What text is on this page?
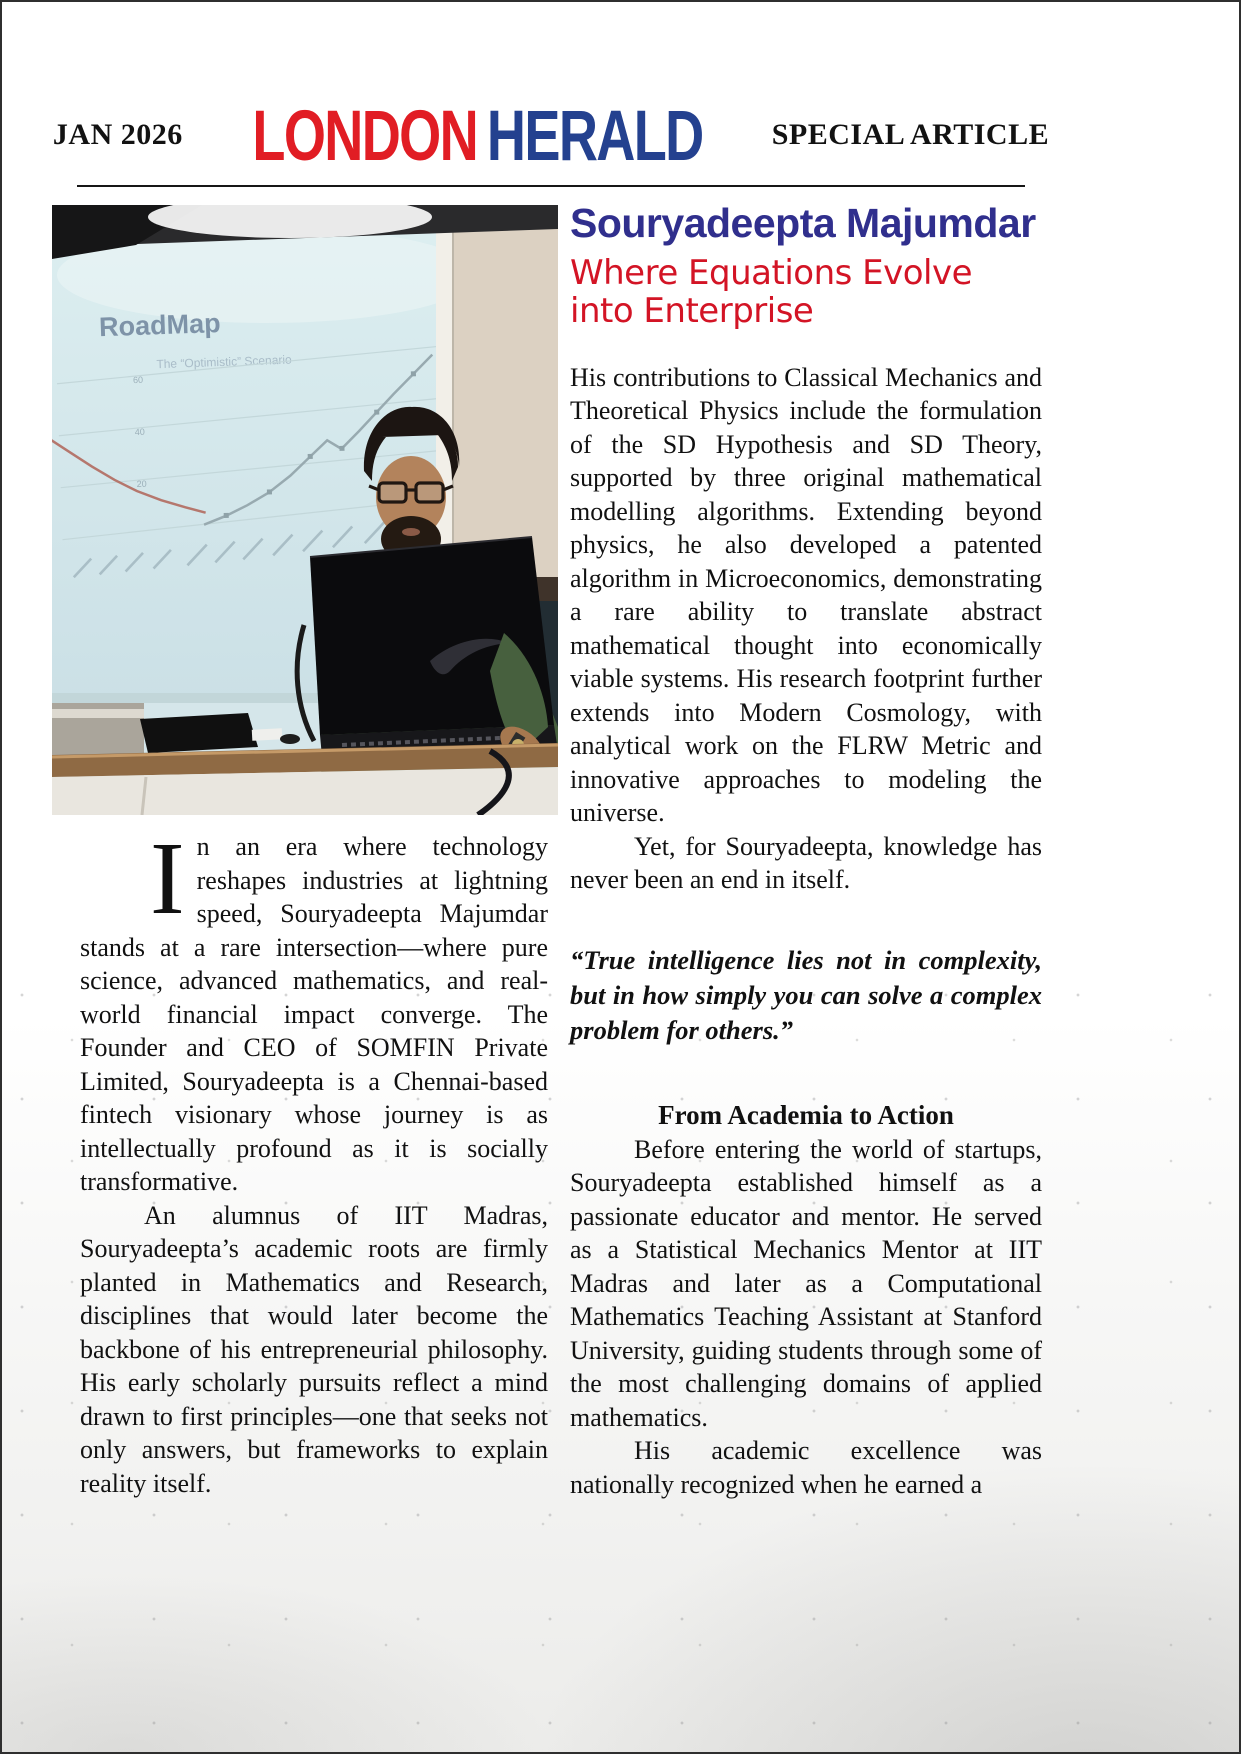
JAN 2026 LONDON HERALD SPECIAL ARTICLE
RoadMap
The “Optimistic” Scenario
60
40
20
Souryadeepta Majumdar
Where Equations Evolve
into Enterprise

His contributions to Classical Mechanics and Theoretical Physics include the formulation of the SD Hypothesis and SD Theory, supported by three original mathematical modelling algorithms. Extending beyond physics, he also developed a patented algorithm in Microeconomics, demonstrating a rare ability to translate abstract mathematical thought into economically viable systems. His research footprint further extends into Modern Cosmology, with analytical work on the FLRW Metric and innovative approaches to modeling the universe.

Yet, for Souryadeepta, knowledge has never been an end in itself.

“True intelligence lies not in complexity, but in how simply you can solve a complex problem for others.”

From Academia to Action

Before entering the world of startups, Souryadeepta established himself as a passionate educator and mentor. He served as a Statistical Mechanics Mentor at IIT Madras and later as a Computational Mathematics Teaching Assistant at Stanford University, guiding students through some of the most challenging domains of applied mathematics.

His academic excellence was nationally recognized when he earned a

In an era where technology reshapes industries at lightning speed, Souryadeepta Majumdar stands at a rare intersection—where pure science, advanced mathematics, and real-world financial impact converge. The Founder and CEO of SOMFIN Private Limited, Souryadeepta is a Chennai-based fintech visionary whose journey is as intellectually profound as it is socially transformative.

An alumnus of IIT Madras, Souryadeepta’s academic roots are firmly planted in Mathematics and Research, disciplines that would later become the backbone of his entrepreneurial philosophy. His early scholarly pursuits reflect a mind drawn to first principles—one that seeks not only answers, but frameworks to explain reality itself.
